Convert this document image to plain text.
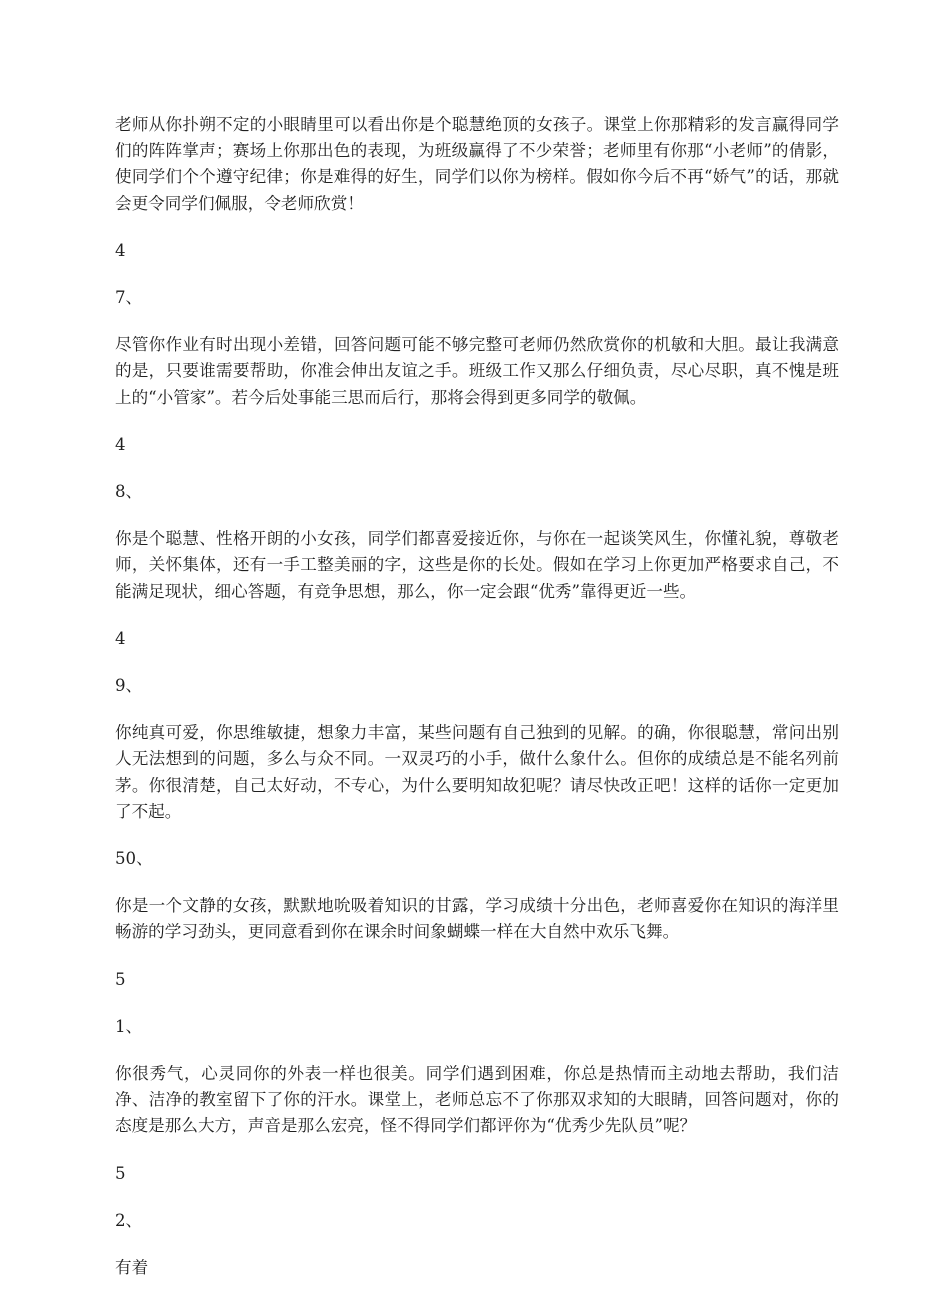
老师从你扑朔不定的小眼睛里可以看出你是个聪慧绝顶的女孩子。课堂上你那精彩的发言赢得同学们的阵阵掌声；赛场上你那出色的表现，为班级赢得了不少荣誉；老师里有你那“小老师”的倩影，使同学们个个遵守纪律；你是难得的好生，同学们以你为榜样。假如你今后不再“娇气”的话，那就会更令同学们佩服，令老师欣赏！

4

7、

尽管你作业有时出现小差错，回答问题可能不够完整可老师仍然欣赏你的机敏和大胆。最让我满意的是，只要谁需要帮助，你准会伸出友谊之手。班级工作又那么仔细负责，尽心尽职，真不愧是班上的“小管家”。若今后处事能三思而后行，那将会得到更多同学的敬佩。

4

8、

你是个聪慧、性格开朗的小女孩，同学们都喜爱接近你，与你在一起谈笑风生，你懂礼貌，尊敬老师，关怀集体，还有一手工整美丽的字，这些是你的长处。假如在学习上你更加严格要求自己，不能满足现状，细心答题，有竞争思想，那么，你一定会跟“优秀”靠得更近一些。

4

9、

你纯真可爱，你思维敏捷，想象力丰富，某些问题有自己独到的见解。的确，你很聪慧，常问出别人无法想到的问题，多么与众不同。一双灵巧的小手，做什么象什么。但你的成绩总是不能名列前茅。你很清楚，自己太好动，不专心，为什么要明知故犯呢？请尽快改正吧！这样的话你一定更加了不起。

50、

你是一个文静的女孩，默默地吮吸着知识的甘露，学习成绩十分出色，老师喜爱你在知识的海洋里畅游的学习劲头，更同意看到你在课余时间象蝴蝶一样在大自然中欢乐飞舞。

5

1、

你很秀气，心灵同你的外表一样也很美。同学们遇到困难，你总是热情而主动地去帮助，我们洁净、洁净的教室留下了你的汗水。课堂上，老师总忘不了你那双求知的大眼睛，回答问题对，你的态度是那么大方，声音是那么宏亮，怪不得同学们都评你为“优秀少先队员”呢？

5

2、

有着
